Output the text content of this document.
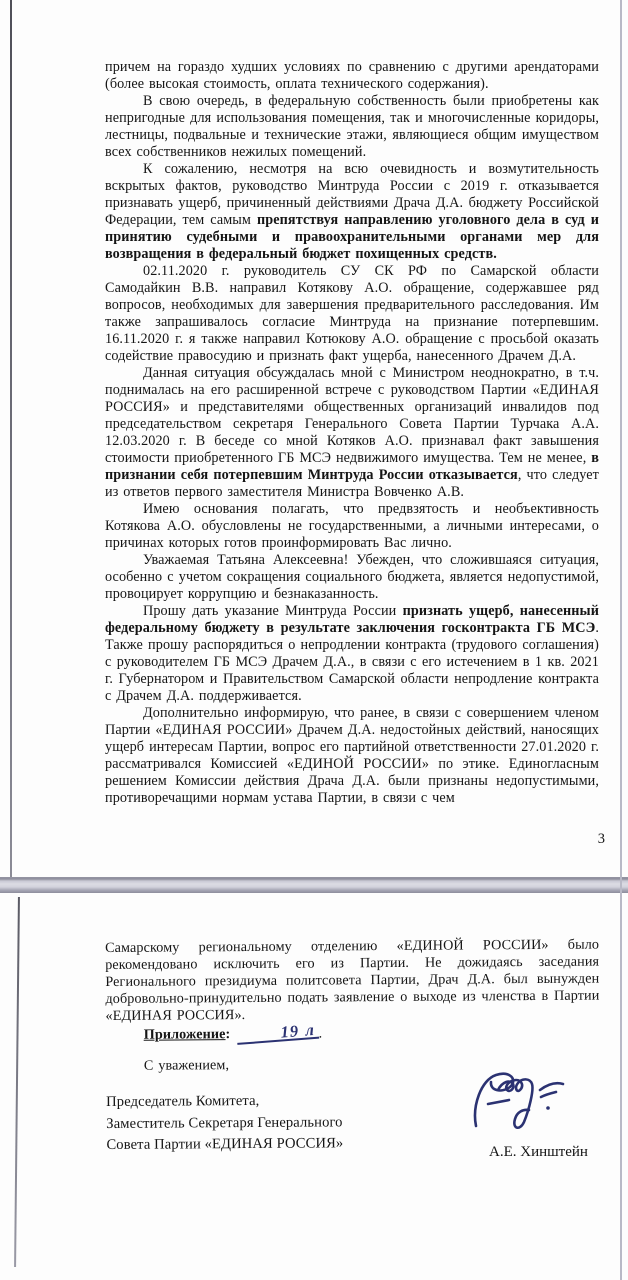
причем на гораздо худших условиях по сравнению с другими арендаторами (более высокая стоимость, оплата технического содержания).

В свою очередь, в федеральную собственность были приобретены как непригодные для использования помещения, так и многочисленные коридоры, лестницы, подвальные и технические этажи, являющиеся общим имуществом всех собственников нежилых помещений.

К сожалению, несмотря на всю очевидность и возмутительность вскрытых фактов, руководство Минтруда России с 2019 г. отказывается признавать ущерб, причиненный действиями Драча Д.А. бюджету Российской Федерации, тем самым препятствуя направлению уголовного дела в суд и принятию судебными и правоохранительными органами мер для возвращения в федеральный бюджет похищенных средств.

02.11.2020 г. руководитель СУ СК РФ по Самарской области Самодайкин В.В. направил Котякову А.О. обращение, содержавшее ряд вопросов, необходимых для завершения предварительного расследования. Им также запрашивалось согласие Минтруда на признание потерпевшим. 16.11.2020 г. я также направил Котюкову А.О. обращение с просьбой оказать содействие правосудию и признать факт ущерба, нанесенного Драчем Д.А.

Данная ситуация обсуждалась мной с Министром неоднократно, в т.ч. поднималась на его расширенной встрече с руководством Партии «ЕДИНАЯ РОССИЯ» и представителями общественных организаций инвалидов под председательством секретаря Генерального Совета Партии Турчака А.А. 12.03.2020 г. В беседе со мной Котяков А.О. признавал факт завышения стоимости приобретенного ГБ МСЭ недвижимого имущества. Тем не менее, в признании себя потерпевшим Минтруда России отказывается, что следует из ответов первого заместителя Министра Вовченко А.В.

Имею основания полагать, что предвзятость и необъективность Котякова А.О. обусловлены не государственными, а личными интересами, о причинах которых готов проинформировать Вас лично.

Уважаемая Татьяна Алексеевна! Убежден, что сложившаяся ситуация, особенно с учетом сокращения социального бюджета, является недопустимой, провоцирует коррупцию и безнаказанность.

Прошу дать указание Минтруда России признать ущерб, нанесенный федеральному бюджету в результате заключения госконтракта ГБ МСЭ. Также прошу распорядиться о непродлении контракта (трудового соглашения) с руководителем ГБ МСЭ Драчем Д.А., в связи с его истечением в 1 кв. 2021 г. Губернатором и Правительством Самарской области непродление контракта с Драчем Д.А. поддерживается.

Дополнительно информирую, что ранее, в связи с совершением членом Партии «ЕДИНАЯ РОССИИ» Драчем Д.А. недостойных действий, наносящих ущерб интересам Партии, вопрос его партийной ответственности 27.01.2020 г. рассматривался Комиссией «ЕДИНОЙ РОССИИ» по этике. Единогласным решением Комиссии действия Драча Д.А. были признаны недопустимыми, противоречащими нормам устава Партии, в связи с чем

3

Самарскому региональному отделению «ЕДИНОЙ РОССИИ» было рекомендовано исключить его из Партии. Не дожидаясь заседания Регионального президиума политсовета Партии, Драч Д.А. был вынужден добровольно-принудительно подать заявление о выходе из членства в Партии «ЕДИНАЯ РОССИЯ».

Приложение:	19 л .

С уважением,

Председатель Комитета,
Заместитель Секретаря Генерального
Совета Партии «ЕДИНАЯ РОССИЯ»	А.Е. Хинштейн
